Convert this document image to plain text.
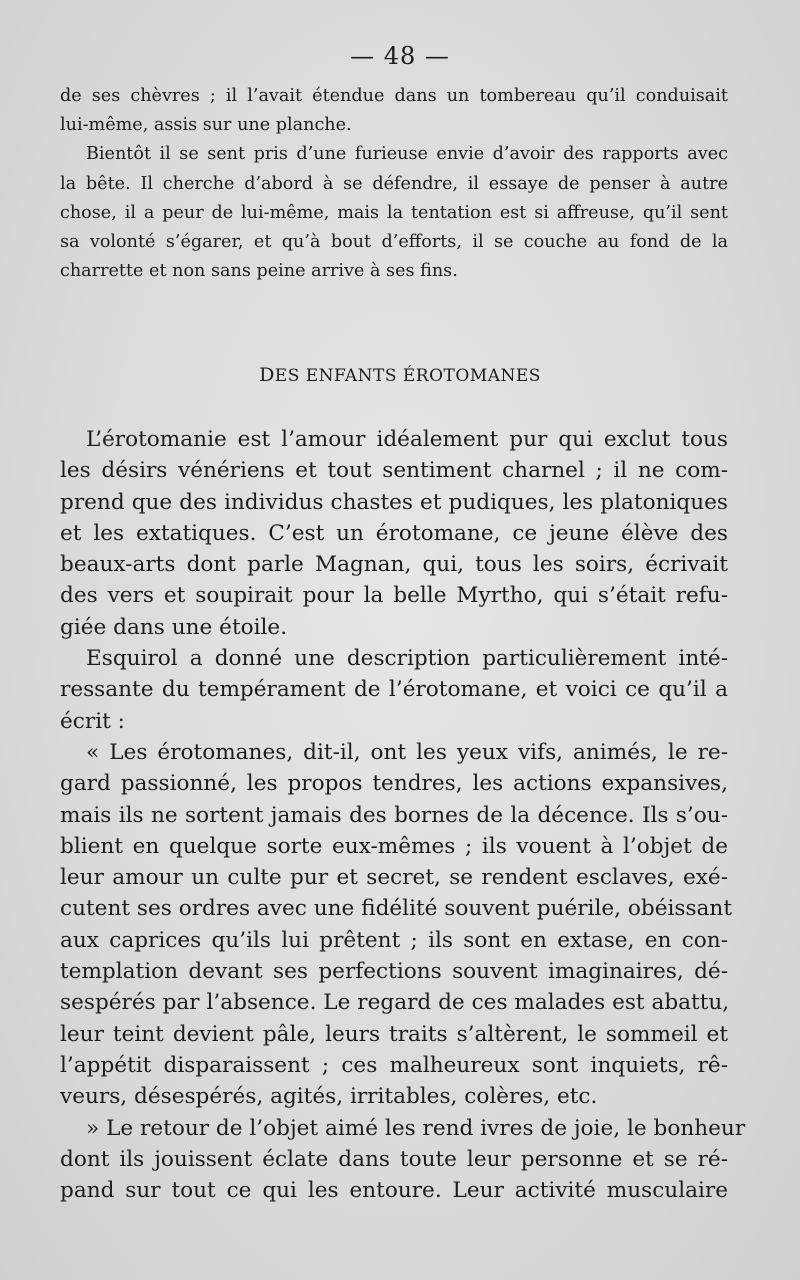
— 48 —
de ses chèvres ; il l’avait étendue dans un tombereau qu’il conduisait
lui-même, assis sur une planche.
Bientôt il se sent pris d’une furieuse envie d’avoir des rapports avec
la bête. Il cherche d’abord à se défendre, il essaye de penser à autre
chose, il a peur de lui-même, mais la tentation est si affreuse, qu’il sent
sa volonté s’égarer, et qu’à bout d’efforts, il se couche au fond de la
charrette et non sans peine arrive à ses fins.
DES ENFANTS ÉROTOMANES
L’érotomanie est l’amour idéalement pur qui exclut tous
les désirs vénériens et tout sentiment charnel ; il ne com-
prend que des individus chastes et pudiques, les platoniques
et les extatiques. C’est un érotomane, ce jeune élève des
beaux-arts dont parle Magnan, qui, tous les soirs, écrivait
des vers et soupirait pour la belle Myrtho, qui s’était refu-
giée dans une étoile.
Esquirol a donné une description particulièrement inté-
ressante du tempérament de l’érotomane, et voici ce qu’il a
écrit :
« Les érotomanes, dit-il, ont les yeux vifs, animés, le re-
gard passionné, les propos tendres, les actions expansives,
mais ils ne sortent jamais des bornes de la décence. Ils s’ou-
blient en quelque sorte eux-mêmes ; ils vouent à l’objet de
leur amour un culte pur et secret, se rendent esclaves, exé-
cutent ses ordres avec une fidélité souvent puérile, obéissant
aux caprices qu’ils lui prêtent ; ils sont en extase, en con-
templation devant ses perfections souvent imaginaires, dé-
sespérés par l’absence. Le regard de ces malades est abattu,
leur teint devient pâle, leurs traits s’altèrent, le sommeil et
l’appétit disparaissent ; ces malheureux sont inquiets, rê-
veurs, désespérés, agités, irritables, colères, etc.
» Le retour de l’objet aimé les rend ivres de joie, le bonheur
dont ils jouissent éclate dans toute leur personne et se ré-
pand sur tout ce qui les entoure. Leur activité musculaire
